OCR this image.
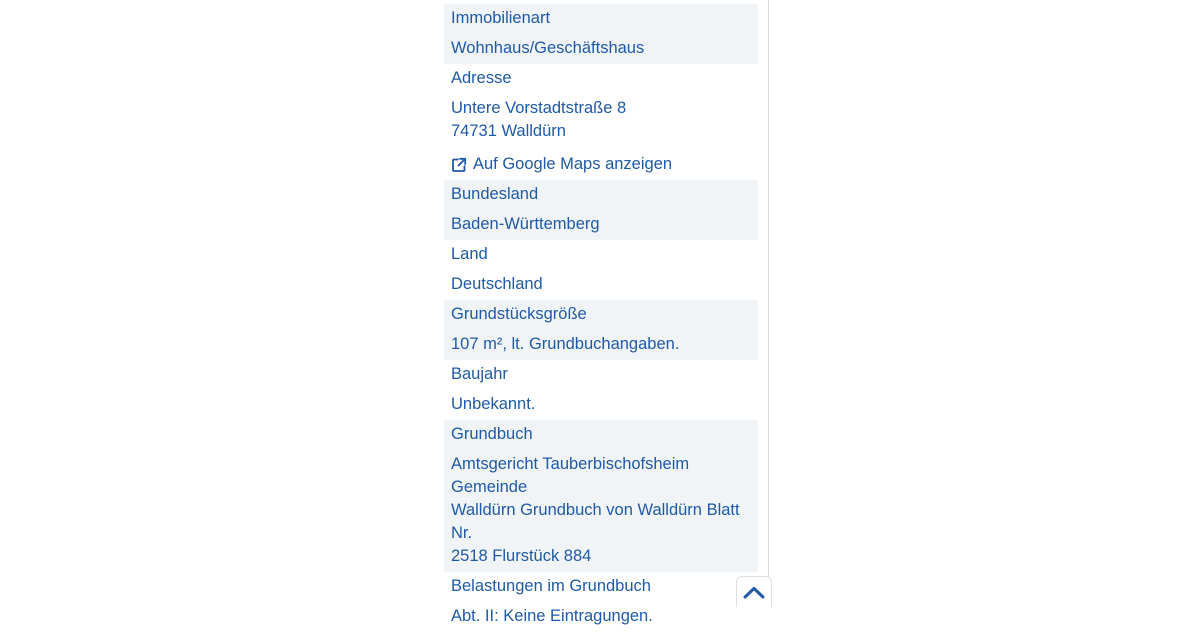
Immobilienart
Wohnhaus/Geschäftshaus
Adresse
Untere Vorstadtstraße 8
74731 Walldürn
Auf Google Maps anzeigen
Bundesland
Baden-Württemberg
Land
Deutschland
Grundstücksgröße
107 m², lt. Grundbuchangaben.
Baujahr
Unbekannt.
Grundbuch
Amtsgericht Tauberbischofsheim Gemeinde
Walldürn Grundbuch von Walldürn Blatt Nr.
2518 Flurstück 884
Belastungen im Grundbuch
Abt. II: Keine Eintragungen.
